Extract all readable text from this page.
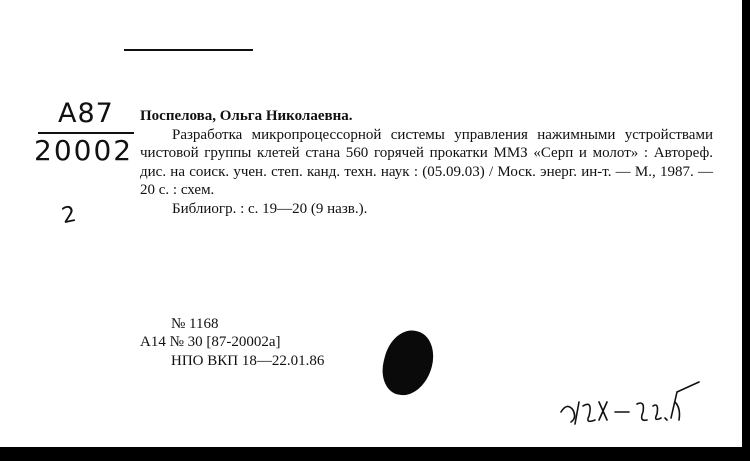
А87
20002
2

Поспелова, Ольга Николаевна.

Разработка микропроцессорной системы управления нажимными устройствами чистовой группы клетей стана 560 горячей прокатки ММЗ «Серп и молот» : Автореф. дис. на соиск. учен. степ. канд. техн. наук : (05.09.03) / Моск. энерг. ин-т. — М., 1987. — 20 с. : схем.

Библиогр. : с. 19—20 (9 назв.).

№ 1168

А14 № 30 [87-20002а]

НПО ВКП 18—22.01.86
